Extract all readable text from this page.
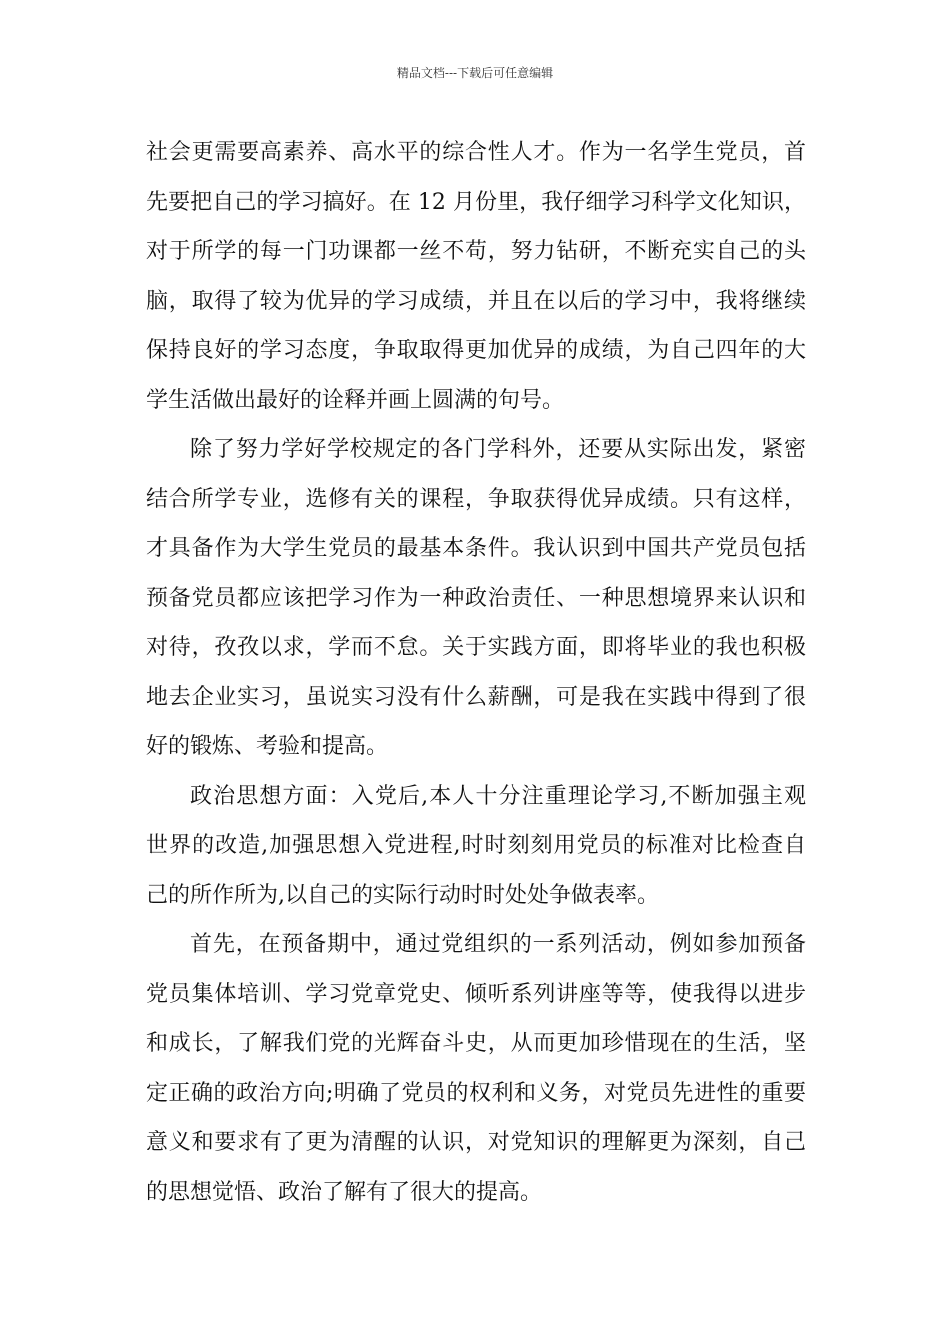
精品文档---下载后可任意编辑
社会更需要高素养、高水平的综合性人才。作为一名学生党员，首
先要把自己的学习搞好。在 12 月份里，我仔细学习科学文化知识，
对于所学的每一门功课都一丝不苟，努力钻研，不断充实自己的头
脑，取得了较为优异的学习成绩，并且在以后的学习中，我将继续
保持良好的学习态度，争取取得更加优异的成绩，为自己四年的大
学生活做出最好的诠释并画上圆满的句号。
除了努力学好学校规定的各门学科外，还要从实际出发，紧密
结合所学专业，选修有关的课程，争取获得优异成绩。只有这样，
才具备作为大学生党员的最基本条件。我认识到中国共产党员包括
预备党员都应该把学习作为一种政治责任、一种思想境界来认识和
对待，孜孜以求，学而不怠。关于实践方面，即将毕业的我也积极
地去企业实习，虽说实习没有什么薪酬，可是我在实践中得到了很
好的锻炼、考验和提高。
政治思想方面：入党后,本人十分注重理论学习,不断加强主观
世界的改造,加强思想入党进程,时时刻刻用党员的标准对比检查自
己的所作所为,以自己的实际行动时时处处争做表率。
首先，在预备期中，通过党组织的一系列活动，例如参加预备
党员集体培训、学习党章党史、倾听系列讲座等等，使我得以进步
和成长，了解我们党的光辉奋斗史，从而更加珍惜现在的生活，坚
定正确的政治方向;明确了党员的权利和义务，对党员先进性的重要
意义和要求有了更为清醒的认识，对党知识的理解更为深刻，自己
的思想觉悟、政治了解有了很大的提高。
